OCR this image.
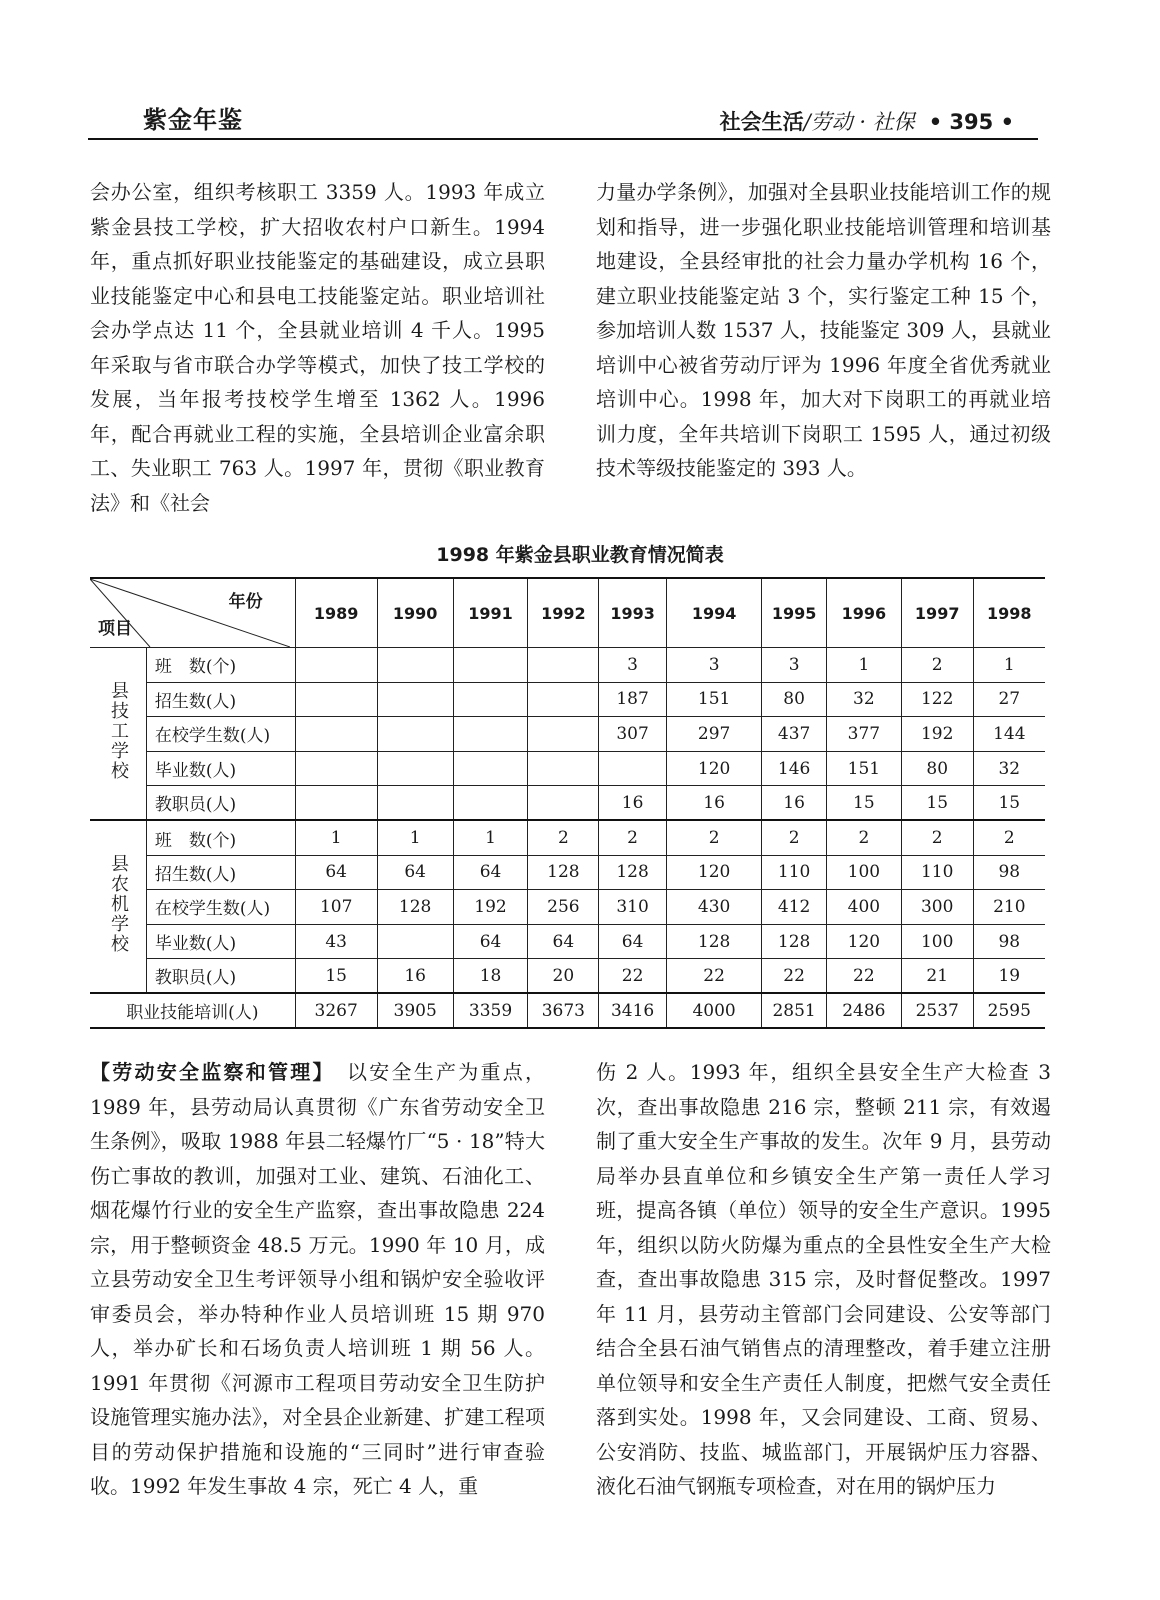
紫金年鉴	社会生活/劳动 · 社保 • 395 •

会办公室，组织考核职工 3359 人。1993 年成立紫金县技工学校，扩大招收农村户口新生。1994 年，重点抓好职业技能鉴定的基础建设，成立县职业技能鉴定中心和县电工技能鉴定站。职业培训社会办学点达 11 个，全县就业培训 4 千人。1995 年采取与省市联合办学等模式，加快了技工学校的发展，当年报考技校学生增至 1362 人。1996 年，配合再就业工程的实施，全县培训企业富余职工、失业职工 763 人。1997 年，贯彻《职业教育法》和《社会

力量办学条例》，加强对全县职业技能培训工作的规划和指导，进一步强化职业技能培训管理和培训基地建设，全县经审批的社会力量办学机构 16 个，建立职业技能鉴定站 3 个，实行鉴定工种 15 个，参加培训人数 1537 人，技能鉴定 309 人，县就业培训中心被省劳动厅评为 1996 年度全省优秀就业培训中心。1998 年，加大对下岗职工的再就业培训力度，全年共培训下岗职工 1595 人，通过初级技术等级技能鉴定的 393 人。

1998 年紫金县职业教育情况简表
年份
项目		1989	1990	1991	1992	1993	1994	1995	1996	1997	1998
县技工学校	班　数(个)					3	3	3	1	2	1
	招生数(人)					187	151	80	32	122	27
	在校学生数(人)					307	297	437	377	192	144
	毕业数(人)						120	146	151	80	32
	教职员(人)					16	16	16	15	15	15
县农机学校	班　数(个)	1	1	1	2	2	2	2	2	2	2
	招生数(人)	64	64	64	128	128	120	110	100	110	98
	在校学生数(人)	107	128	192	256	310	430	412	400	300	210
	毕业数(人)	43		64	64	64	128	128	120	100	98
	教职员(人)	15	16	18	20	22	22	22	22	21	19
职业技能培训(人)		3267	3905	3359	3673	3416	4000	2851	2486	2537	2595

【劳动安全监察和管理】　 以安全生产为重点，1989 年，县劳动局认真贯彻《广东省劳动安全卫生条例》，吸取 1988 年县二轻爆竹厂“5 · 18”特大伤亡事故的教训，加强对工业、建筑、石油化工、烟花爆竹行业的安全生产监察，查出事故隐患 224 宗，用于整顿资金 48.5 万元。1990 年 10 月，成立县劳动安全卫生考评领导小组和锅炉安全验收评审委员会，举办特种作业人员培训班 15 期 970 人，举办矿长和石场负责人培训班 1 期 56 人。1991 年贯彻《河源市工程项目劳动安全卫生防护设施管理实施办法》，对全县企业新建、扩建工程项目的劳动保护措施和设施的“三同时”进行审查验收。1992 年发生事故 4 宗，死亡 4 人，重

伤 2 人。1993 年，组织全县安全生产大检查 3 次，查出事故隐患 216 宗，整顿 211 宗，有效遏制了重大安全生产事故的发生。次年 9 月，县劳动局举办县直单位和乡镇安全生产第一责任人学习班，提高各镇（单位）领导的安全生产意识。1995 年，组织以防火防爆为重点的全县性安全生产大检查，查出事故隐患 315 宗，及时督促整改。1997 年 11 月，县劳动主管部门会同建设、公安等部门结合全县石油气销售点的清理整改，着手建立注册单位领导和安全生产责任人制度，把燃气安全责任落到实处。1998 年，又会同建设、工商、贸易、公安消防、技监、城监部门，开展锅炉压力容器、液化石油气钢瓶专项检查，对在用的锅炉压力
